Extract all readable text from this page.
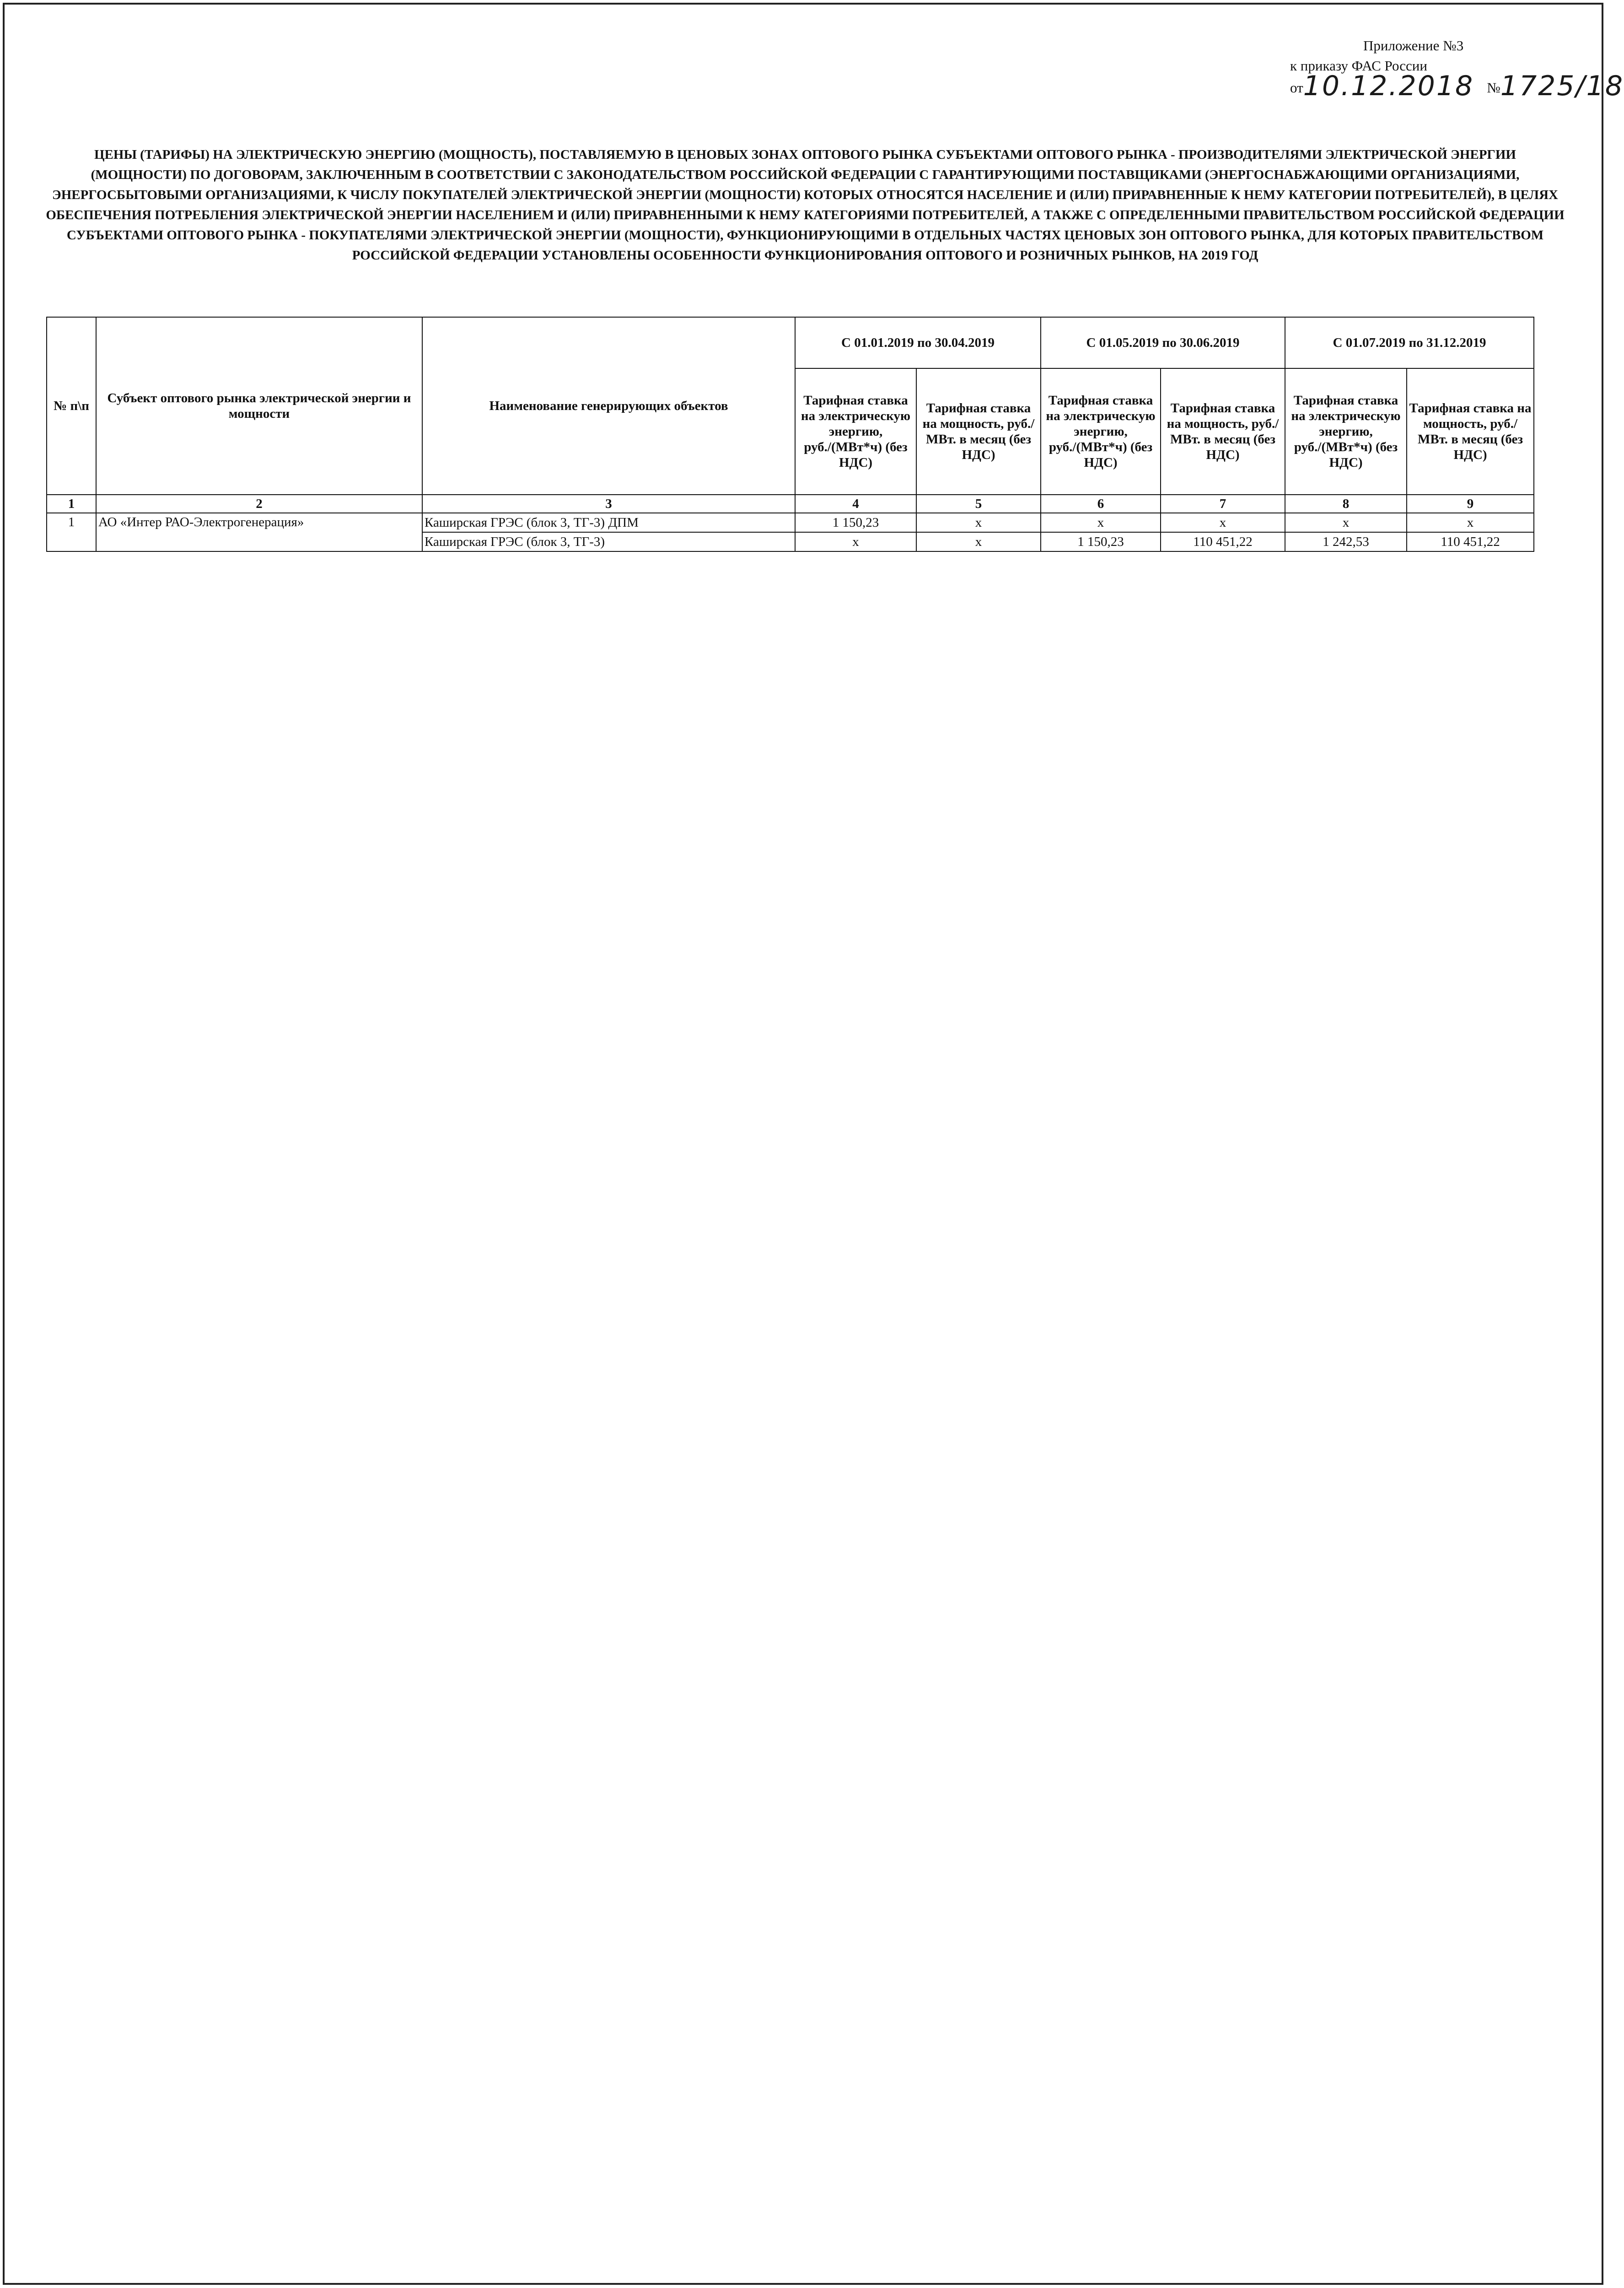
Приложение №3
к приказу ФАС России
от10.12.2018 №1725/18
ЦЕНЫ (ТАРИФЫ) НА ЭЛЕКТРИЧЕСКУЮ ЭНЕРГИЮ (МОЩНОСТЬ), ПОСТАВЛЯЕМУЮ В ЦЕНОВЫХ ЗОНАХ ОПТОВОГО РЫНКА СУБЪЕКТАМИ ОПТОВОГО РЫНКА - ПРОИЗВОДИТЕЛЯМИ ЭЛЕКТРИЧЕСКОЙ ЭНЕРГИИ (МОЩНОСТИ) ПО ДОГОВОРАМ, ЗАКЛЮЧЕННЫМ В СООТВЕТСТВИИ С ЗАКОНОДАТЕЛЬСТВОМ РОССИЙСКОЙ ФЕДЕРАЦИИ С ГАРАНТИРУЮЩИМИ ПОСТАВЩИКАМИ (ЭНЕРГОСНАБЖАЮЩИМИ ОРГАНИЗАЦИЯМИ, ЭНЕРГОСБЫТОВЫМИ ОРГАНИЗАЦИЯМИ, К ЧИСЛУ ПОКУПАТЕЛЕЙ ЭЛЕКТРИЧЕСКОЙ ЭНЕРГИИ (МОЩНОСТИ) КОТОРЫХ ОТНОСЯТСЯ НАСЕЛЕНИЕ И (ИЛИ) ПРИРАВНЕННЫЕ К НЕМУ КАТЕГОРИИ ПОТРЕБИТЕЛЕЙ), В ЦЕЛЯХ ОБЕСПЕЧЕНИЯ ПОТРЕБЛЕНИЯ ЭЛЕКТРИЧЕСКОЙ ЭНЕРГИИ НАСЕЛЕНИЕМ И (ИЛИ) ПРИРАВНЕННЫМИ К НЕМУ КАТЕГОРИЯМИ ПОТРЕБИТЕЛЕЙ, А ТАКЖЕ С ОПРЕДЕЛЕННЫМИ ПРАВИТЕЛЬСТВОМ РОССИЙСКОЙ ФЕДЕРАЦИИ СУБЪЕКТАМИ ОПТОВОГО РЫНКА - ПОКУПАТЕЛЯМИ ЭЛЕКТРИЧЕСКОЙ ЭНЕРГИИ (МОЩНОСТИ), ФУНКЦИОНИРУЮЩИМИ В ОТДЕЛЬНЫХ ЧАСТЯХ ЦЕНОВЫХ ЗОН ОПТОВОГО РЫНКА, ДЛЯ КОТОРЫХ ПРАВИТЕЛЬСТВОМ РОССИЙСКОЙ ФЕДЕРАЦИИ УСТАНОВЛЕНЫ ОСОБЕННОСТИ ФУНКЦИОНИРОВАНИЯ ОПТОВОГО И РОЗНИЧНЫХ РЫНКОВ, НА 2019 ГОД
№ п\п	Субъект оптового рынка электрической энергии и мощности	Наименование генерирующих объектов	С 01.01.2019 по 30.04.2019		С 01.05.2019 по 30.06.2019		С 01.07.2019 по 31.12.2019	
			Тарифная ставка на электрическую энергию, руб./(МВт*ч) (без НДС)	Тарифная ставка на мощность, руб./МВт. в месяц (без НДС)	Тарифная ставка на электрическую энергию, руб./(МВт*ч) (без НДС)	Тарифная ставка на мощность, руб./МВт. в месяц (без НДС)	Тарифная ставка на электрическую энергию, руб./(МВт*ч) (без НДС)	Тарифная ставка на мощность, руб./МВт. в месяц (без НДС)
1	2	3	4	5	6	7	8	9
1	АО «Интер РАО-Электрогенерация»	Каширская ГРЭС (блок 3, ТГ-3) ДПМ	1 150,23	х	х	х	х	х
		Каширская ГРЭС (блок 3, ТГ-3)	х	х	1 150,23	110 451,22	1 242,53	110 451,22
